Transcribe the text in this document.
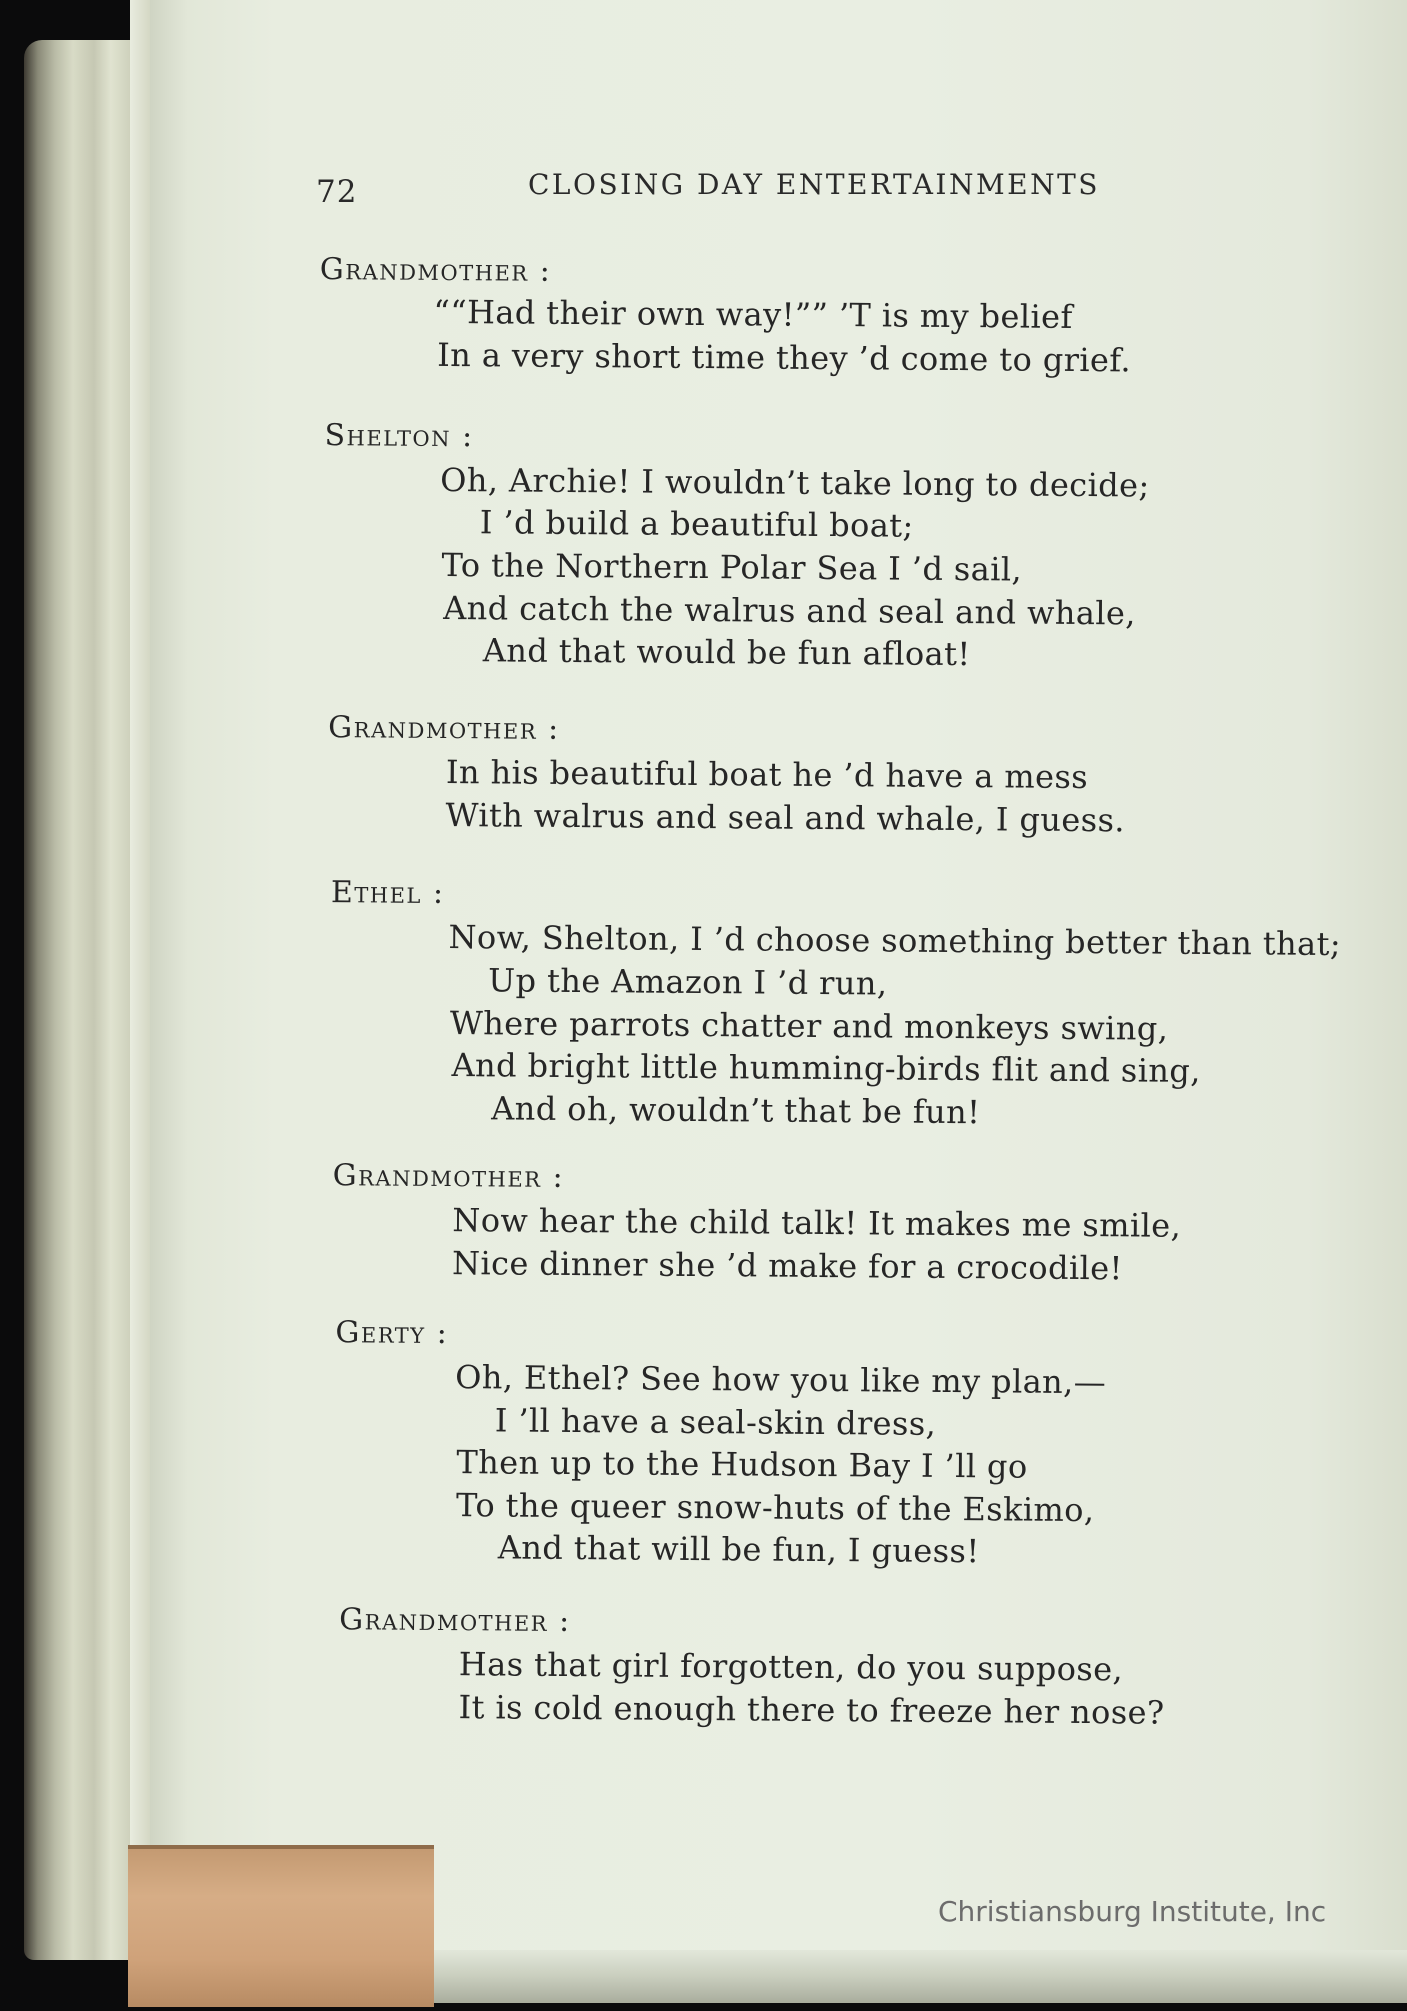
72	CLOSING DAY ENTERTAINMENTS
Grandmother :
““Had their own way!”” ’T is my belief
In a very short time they ’d come to grief.
Shelton :
Oh, Archie! I wouldn’t take long to decide;
I ’d build a beautiful boat;
To the Northern Polar Sea I ’d sail,
And catch the walrus and seal and whale,
And that would be fun afloat!
Grandmother :
In his beautiful boat he ’d have a mess
With walrus and seal and whale, I guess.
Ethel :
Now, Shelton, I ’d choose something better than that;
Up the Amazon I ’d run,
Where parrots chatter and monkeys swing,
And bright little humming-birds flit and sing,
And oh, wouldn’t that be fun!
Grandmother :
Now hear the child talk! It makes me smile,
Nice dinner she ’d make for a crocodile!
Gerty :
Oh, Ethel? See how you like my plan,—
I ’ll have a seal-skin dress,
Then up to the Hudson Bay I ’ll go
To the queer snow-huts of the Eskimo,
And that will be fun, I guess!
Grandmother :
Has that girl forgotten, do you suppose,
It is cold enough there to freeze her nose?
Christiansburg Institute, Inc
